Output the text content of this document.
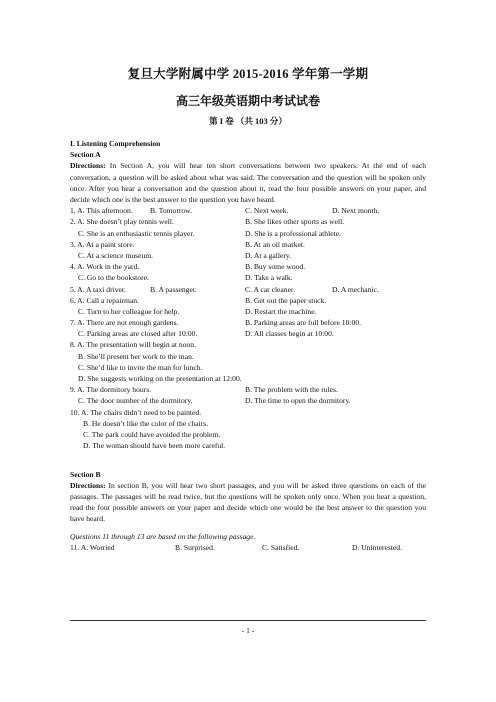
复旦大学附属中学 2015-2016 学年第一学期
高三年级英语期中考试试卷
第 I 卷 （共 103 分）
I. Listening Comprehension
Section A
Directions: In Section A, you will hear ten short conversations between two speakers. At the end of each conversation, a question will be asked about what was said. The conversation and the question will be spoken only once. After you hear a conversation and the question about it, read the four possible answers on your paper, and decide which one is the best answer to the question you have heard.
1. A. This afternoon. B. Tomorrow.	C. Next week.	D. Next month.
2. A. She doesn’t play tennis well.	B. She likes other sports as well.
C. She is an enthusiastic tennis player.	D. She is a professional athlete.
3. A. At a paint store.	B. At an oil market.
C. At a science museum.	D. At a gallery.
4. A. Work in the yard.	B. Buy some wood.
C. Go to the bookstore.	D. Take a walk.
5. A. A taxi driver.	B. A passenger.	C. A car cleaner.	D. A mechanic.
6. A. Call a repairman.	B. Get out the paper stuck.
C. Turn to her colleague for help.	D. Restart the machine.
7. A. There are not enough gardens.	B. Parking areas are full before 10:00.
C. Parking areas are closed after 10:00.	D. All classes begin at 10:00.
8. A. The presentation will begin at noon.
B. She’ll present her work to the man.
C. She’d like to invite the man for lunch.
D. She suggests working on the presentation at 12:00.
9. A. The dormitory hours.	B. The problem with the rules.
C. The door number of the dormitory.	D. The time to open the dormitory.
10. A. The chairs didn’t need to be painted.
B. He doesn’t like the color of the chairs.
C. The park could have avoided the problem.
D. The woman should have been more careful.
Section B
Directions: In section B, you will hear two short passages, and you will be asked three questions on each of the passages. The passages will be read twice, but the questions will be spoken only once. When you hear a question, read the four possible answers on your paper and decide which one would be the best answer to the question you have heard.
Questions 11 through 13 are based on the following passage.
11. A. Worried	B. Surprised.	C. Satisfied.	D. Uninterested.
- 1 -
